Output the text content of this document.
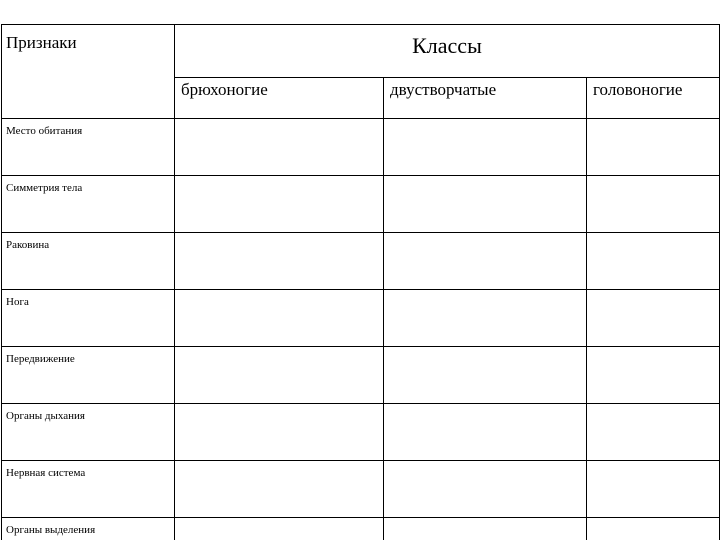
Признаки	Классы		
	брюхоногие	двустворчатые	головоногие
Место обитания			
Симметрия тела			
Раковина			
Нога			
Передвижение			
Органы дыхания			
Нервная система			
Органы выделения			
